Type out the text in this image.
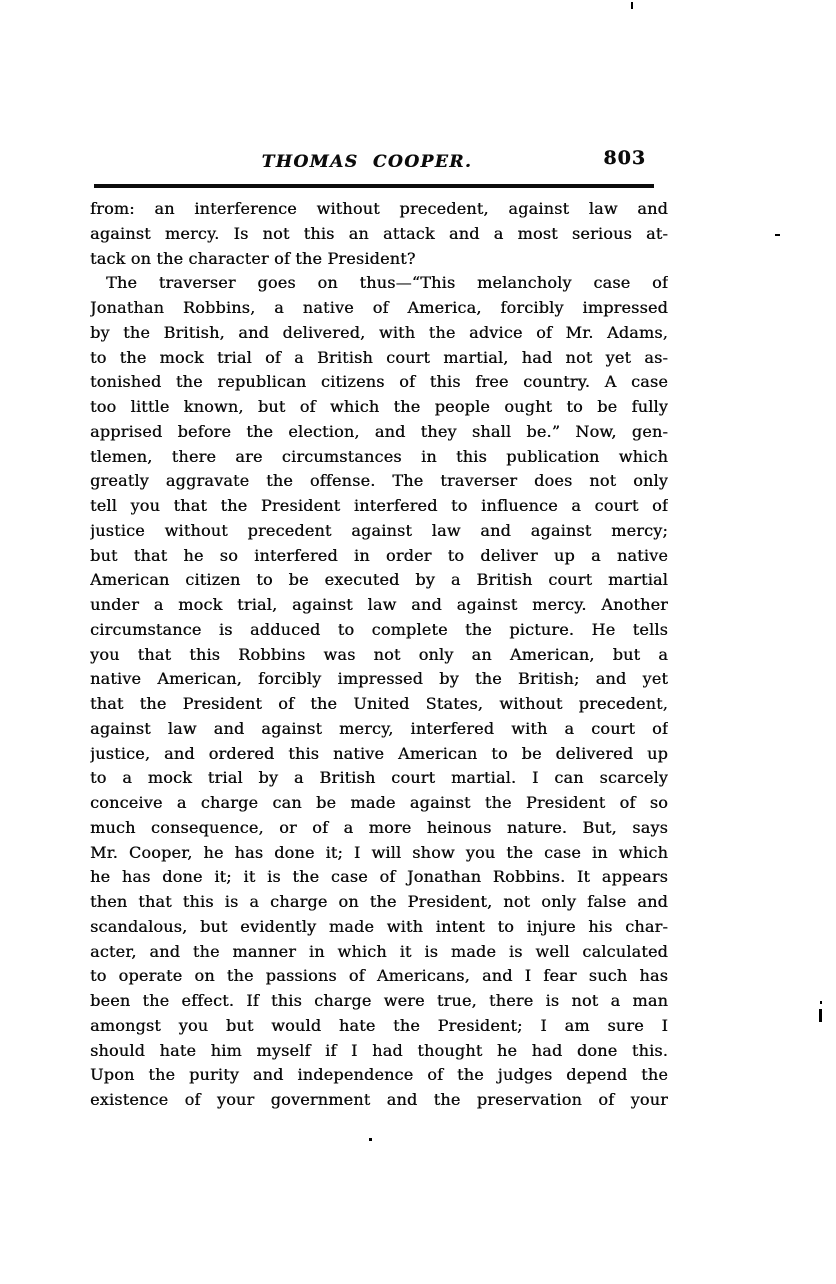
THOMAS COOPER.	803
from: an interference without precedent, against law and
against mercy. Is not this an attack and a most serious at-
tack on the character of the President?
The traverser goes on thus—“This melancholy case of
Jonathan Robbins, a native of America, forcibly impressed
by the British, and delivered, with the advice of Mr. Adams,
to the mock trial of a British court martial, had not yet as-
tonished the republican citizens of this free country. A case
too little known, but of which the people ought to be fully
apprised before the election, and they shall be.” Now, gen-
tlemen, there are circumstances in this publication which
greatly aggravate the offense. The traverser does not only
tell you that the President interfered to influence a court of
justice without precedent against law and against mercy;
but that he so interfered in order to deliver up a native
American citizen to be executed by a British court martial
under a mock trial, against law and against mercy. Another
circumstance is adduced to complete the picture. He tells
you that this Robbins was not only an American, but a
native American, forcibly impressed by the British; and yet
that the President of the United States, without precedent,
against law and against mercy, interfered with a court of
justice, and ordered this native American to be delivered up
to a mock trial by a British court martial. I can scarcely
conceive a charge can be made against the President of so
much consequence, or of a more heinous nature. But, says
Mr. Cooper, he has done it; I will show you the case in which
he has done it; it is the case of Jonathan Robbins. It appears
then that this is a charge on the President, not only false and
scandalous, but evidently made with intent to injure his char-
acter, and the manner in which it is made is well calculated
to operate on the passions of Americans, and I fear such has
been the effect. If this charge were true, there is not a man
amongst you but would hate the President; I am sure I
should hate him myself if I had thought he had done this.
Upon the purity and independence of the judges depend the
existence of your government and the preservation of your
